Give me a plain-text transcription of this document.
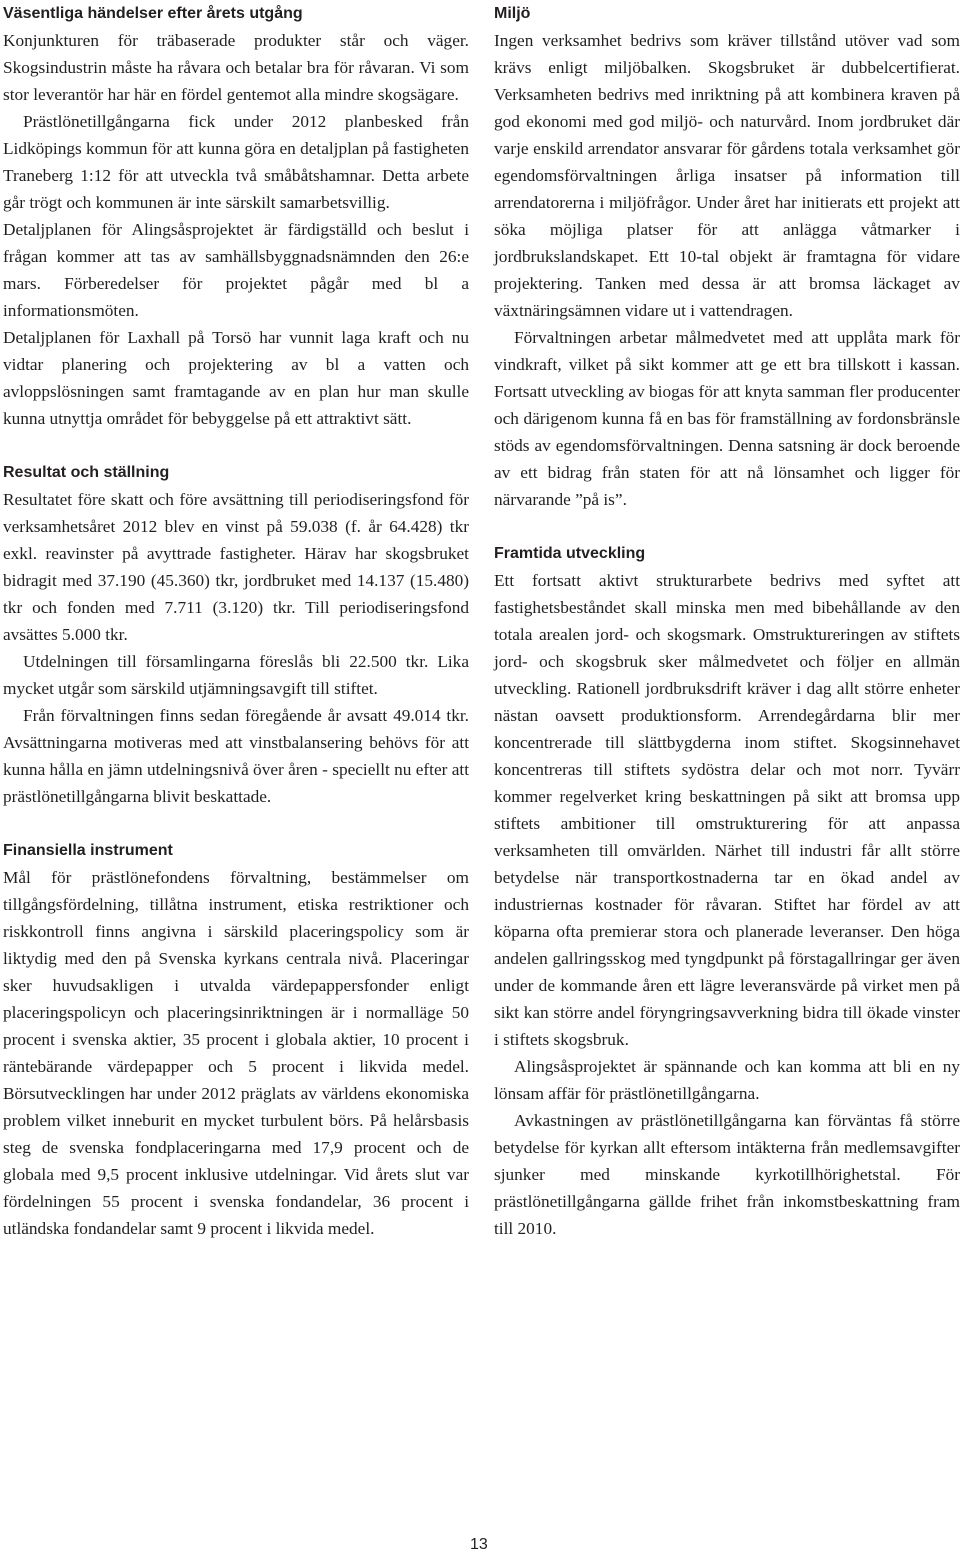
Väsentliga händelser efter årets utgång

Konjunkturen för träbaserade produkter står och väger. Skogsindustrin måste ha råvara och betalar bra för råvaran. Vi som stor leverantör har här en fördel gentemot alla mindre skogsägare.

Prästlönetillgångarna fick under 2012 planbesked från Lidköpings kommun för att kunna göra en detaljplan på fastigheten Traneberg 1:12 för att utveckla två småbåtshamnar. Detta arbete går trögt och kommunen är inte särskilt samarbetsvillig.

Detaljplanen för Alingsåsprojektet är färdigställd och beslut i frågan kommer att tas av samhällsbyggnadsnämnden den 26:e mars. Förberedelser för projektet pågår med bl a informationsmöten.

Detaljplanen för Laxhall på Torsö har vunnit laga kraft och nu vidtar planering och projektering av bl a vatten och avloppslösningen samt framtagande av en plan hur man skulle kunna utnyttja området för bebyggelse på ett attraktivt sätt.

Resultat och ställning

Resultatet före skatt och före avsättning till periodiseringsfond för verksamhetsåret 2012 blev en vinst på 59.038 (f. år 64.428) tkr exkl. reavinster på avyttrade fastigheter. Härav har skogsbruket bidragit med 37.190 (45.360) tkr, jordbruket med 14.137 (15.480) tkr och fonden med 7.711 (3.120) tkr. Till periodiseringsfond avsättes 5.000 tkr.

Utdelningen till församlingarna föreslås bli 22.500 tkr. Lika mycket utgår som särskild utjämningsavgift till stiftet.

Från förvaltningen finns sedan föregående år avsatt 49.014 tkr. Avsättningarna motiveras med att vinstbalansering behövs för att kunna hålla en jämn utdelningsnivå över åren - speciellt nu efter att prästlönetillgångarna blivit beskattade.

Finansiella instrument

Mål för prästlönefondens förvaltning, bestämmelser om tillgångsfördelning, tillåtna instrument, etiska restriktioner och riskkontroll finns angivna i särskild placeringspolicy som är liktydig med den på Svenska kyrkans centrala nivå. Placeringar sker huvudsakligen i utvalda värdepappersfonder enligt placeringspolicyn och placeringsinriktningen är i normalläge 50 procent i svenska aktier, 35 procent i globala aktier, 10 procent i räntebärande värdepapper och 5 procent i likvida medel. Börsutvecklingen har under 2012 präglats av världens ekonomiska problem vilket inneburit en mycket turbulent börs. På helårsbasis steg de svenska fondplaceringarna med 17,9 procent och de globala med 9,5 procent inklusive utdelningar. Vid årets slut var fördelningen 55 procent i svenska fondandelar, 36 procent i utländska fondandelar samt 9 procent i likvida medel.

Miljö

Ingen verksamhet bedrivs som kräver tillstånd utöver vad som krävs enligt miljöbalken. Skogsbruket är dubbelcertifierat. Verksamheten bedrivs med inriktning på att kombinera kraven på god ekonomi med god miljö- och naturvård. Inom jordbruket där varje enskild arrendator ansvarar för gårdens totala verksamhet gör egendomsförvaltningen årliga insatser på information till arrendatorerna i miljöfrågor. Under året har initierats ett projekt att söka möjliga platser för att anlägga våtmarker i jordbrukslandskapet. Ett 10-tal objekt är framtagna för vidare projektering. Tanken med dessa är att bromsa läckaget av växtnäringsämnen vidare ut i vattendragen.

Förvaltningen arbetar målmedvetet med att upplåta mark för vindkraft, vilket på sikt kommer att ge ett bra tillskott i kassan. Fortsatt utveckling av biogas för att knyta samman fler producenter och därigenom kunna få en bas för framställning av fordonsbränsle stöds av egendomsförvaltningen. Denna satsning är dock beroende av ett bidrag från staten för att nå lönsamhet och ligger för närvarande ”på is”.

Framtida utveckling

Ett fortsatt aktivt strukturarbete bedrivs med syftet att fastighetsbeståndet skall minska men med bibehållande av den totala arealen jord- och skogsmark. Omstruktureringen av stiftets jord- och skogsbruk sker målmedvetet och följer en allmän utveckling. Rationell jordbruksdrift kräver i dag allt större enheter nästan oavsett produktionsform. Arrendegårdarna blir mer koncentrerade till slättbygderna inom stiftet. Skogsinnehavet koncentreras till stiftets sydöstra delar och mot norr. Tyvärr kommer regelverket kring beskattningen på sikt att bromsa upp stiftets ambitioner till omstrukturering för att anpassa verksamheten till omvärlden. Närhet till industri får allt större betydelse när transportkostnaderna tar en ökad andel av industriernas kostnader för råvaran. Stiftet har fördel av att köparna ofta premierar stora och planerade leveranser. Den höga andelen gallringsskog med tyngdpunkt på förstagallringar ger även under de kommande åren ett lägre leveransvärde på virket men på sikt kan större andel föryngringsavverkning bidra till ökade vinster i stiftets skogsbruk.

Alingsåsprojektet är spännande och kan komma att bli en ny lönsam affär för prästlönetillgångarna.

Avkastningen av prästlönetillgångarna kan förväntas få större betydelse för kyrkan allt eftersom intäkterna från medlemsavgifter sjunker med minskande kyrkotillhörighetstal. För prästlönetillgångarna gällde frihet från inkomstbeskattning fram till 2010.

13
